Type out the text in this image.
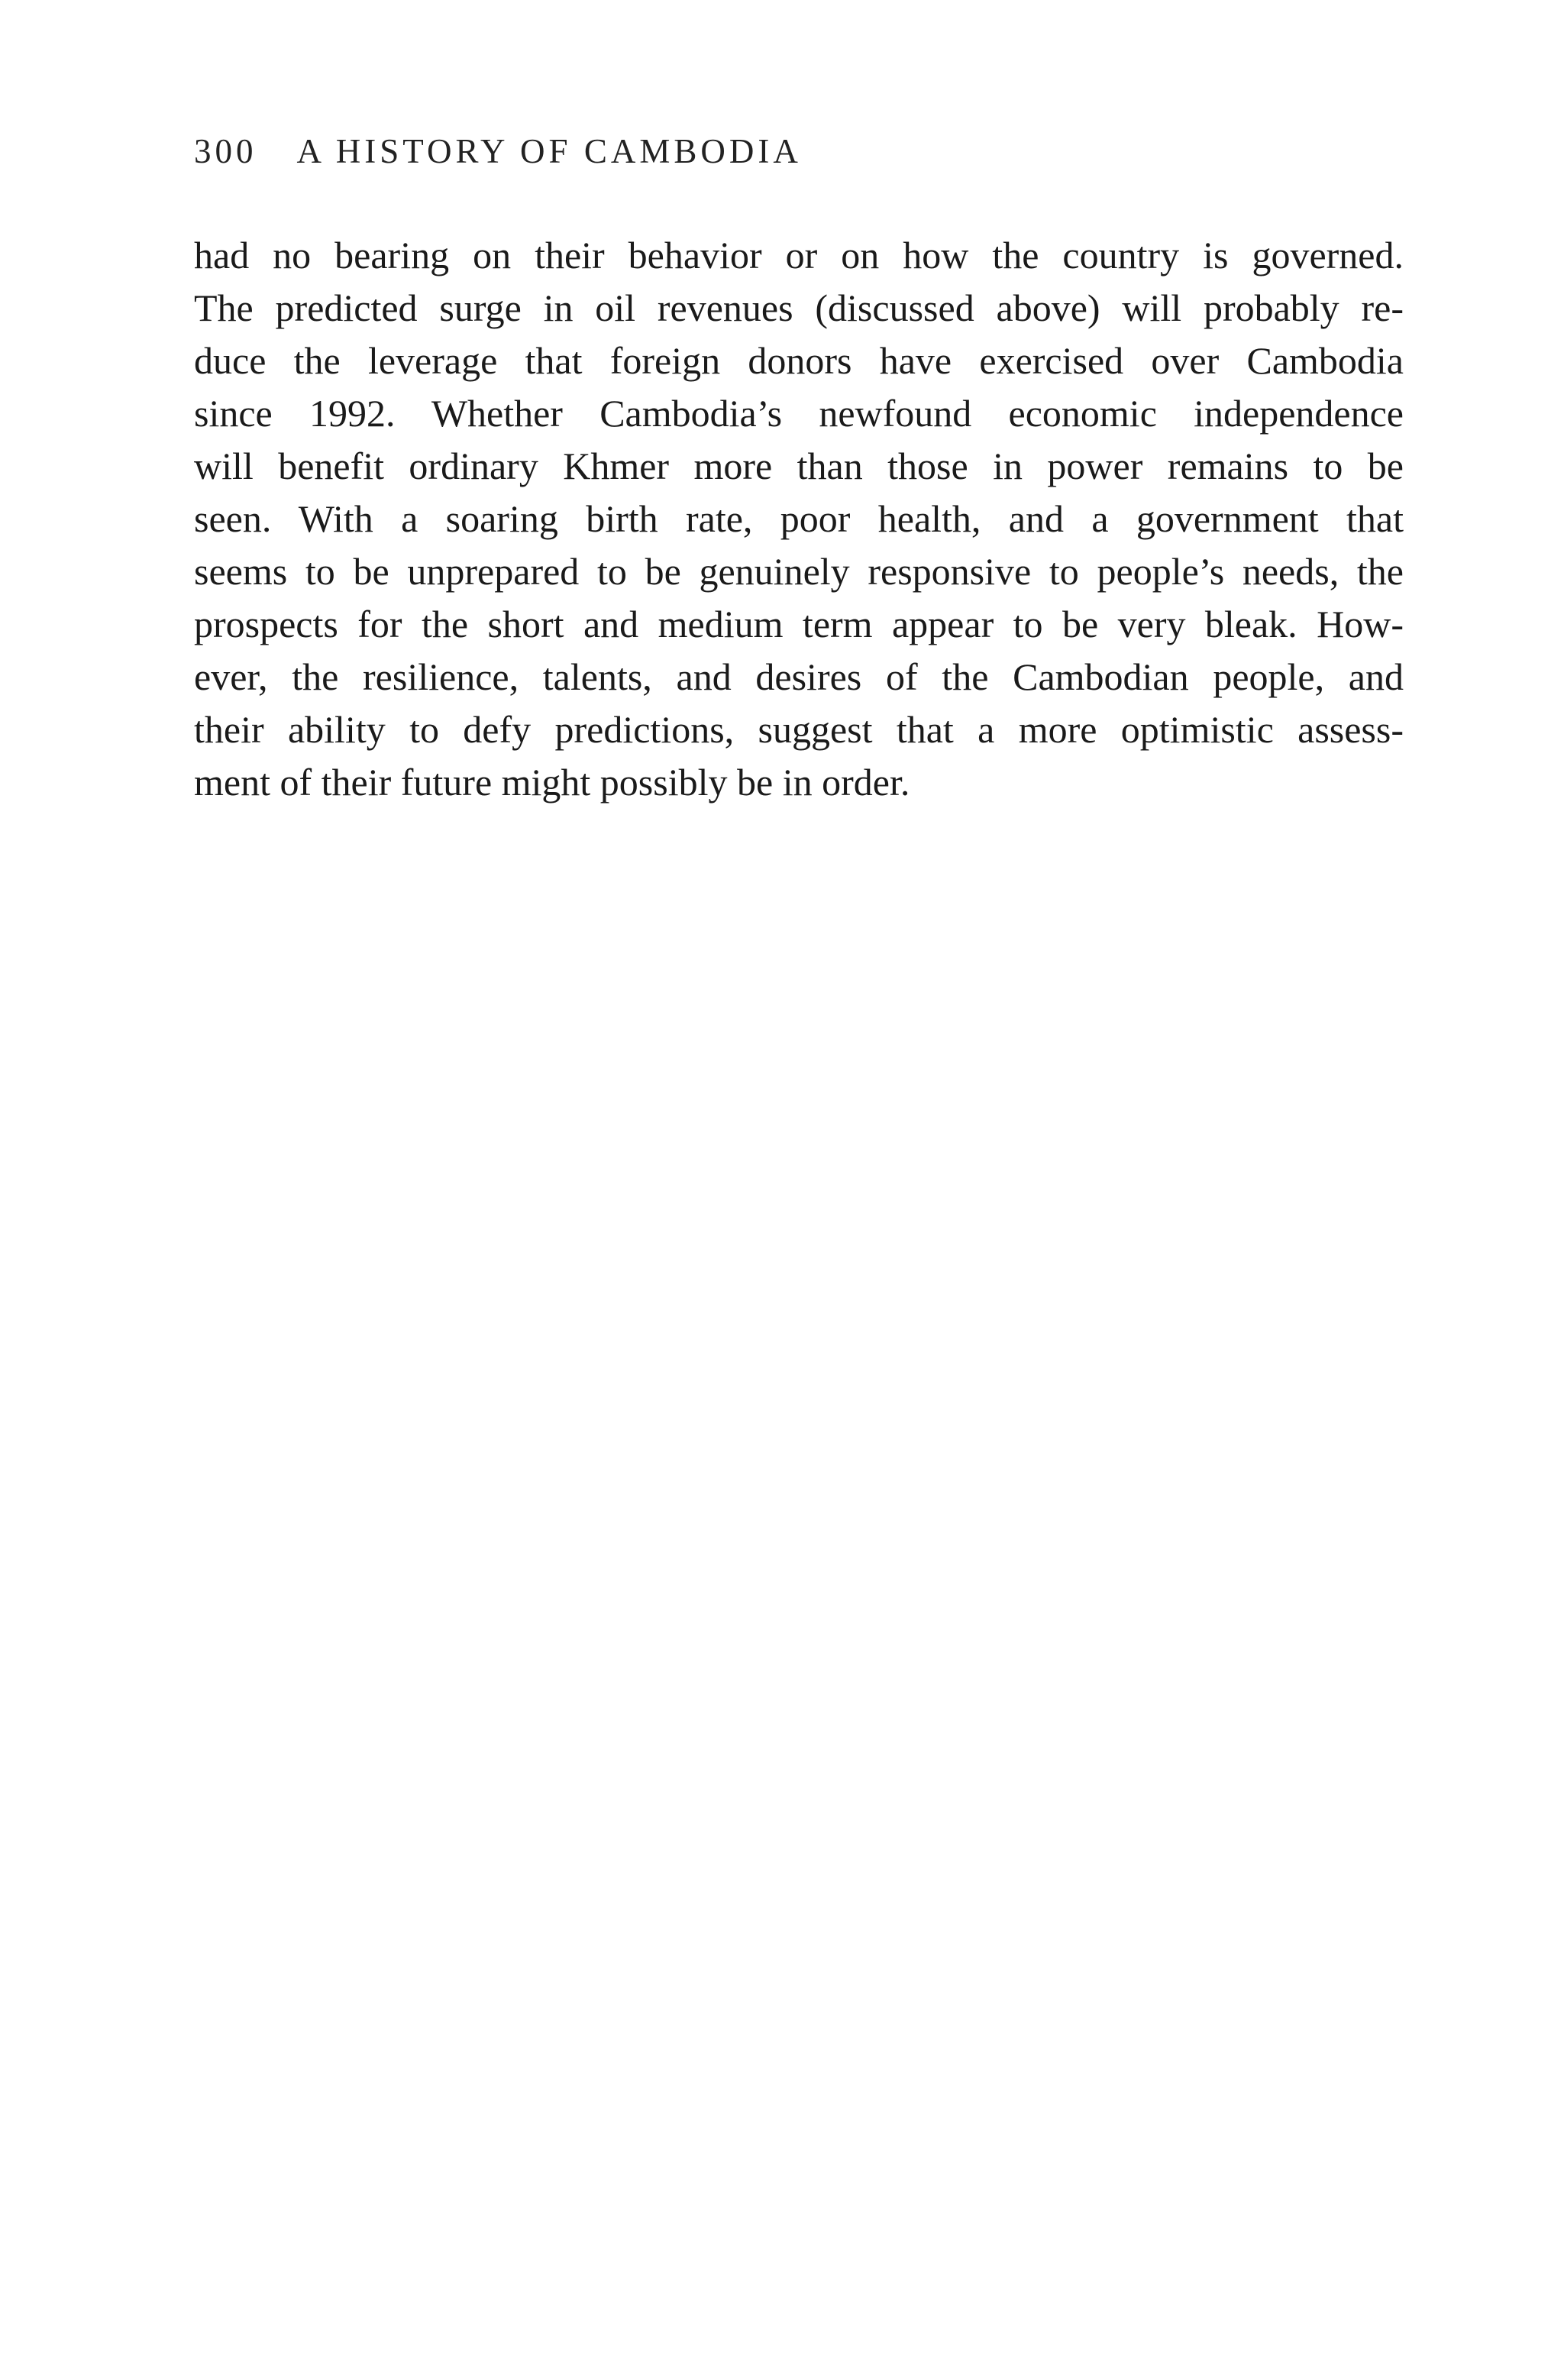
300 A HISTORY OF CAMBODIA
had no bearing on their behavior or on how the country is governed.
The predicted surge in oil revenues (discussed above) will probably re-
duce the leverage that foreign donors have exercised over Cambodia
since 1992. Whether Cambodia’s newfound economic independence
will benefit ordinary Khmer more than those in power remains to be
seen. With a soaring birth rate, poor health, and a government that
seems to be unprepared to be genuinely responsive to people’s needs, the
prospects for the short and medium term appear to be very bleak. How-
ever, the resilience, talents, and desires of the Cambodian people, and
their ability to defy predictions, suggest that a more optimistic assess-
ment of their future might possibly be in order.
